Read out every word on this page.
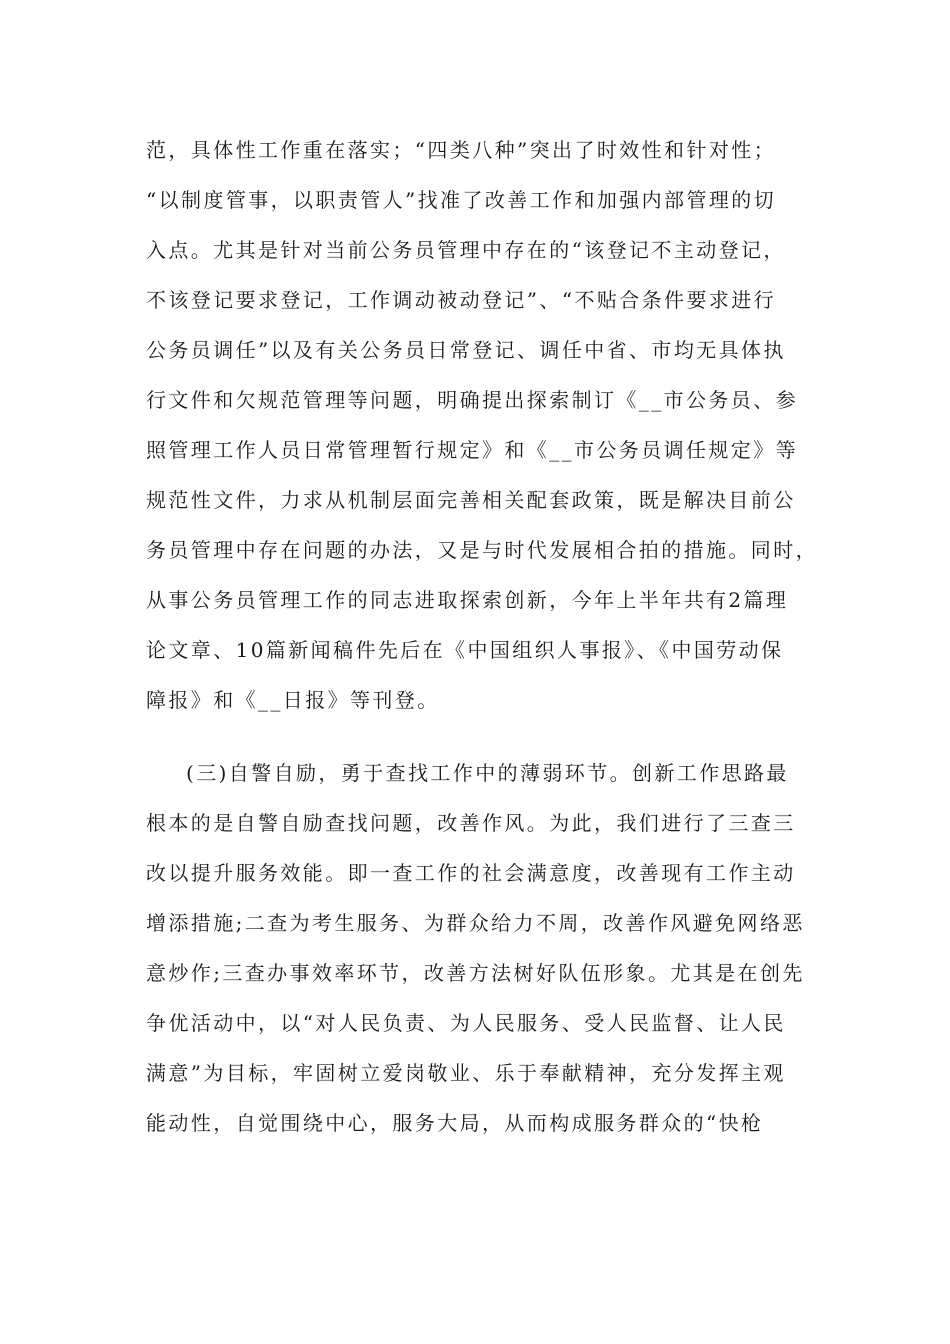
范，具体性工作重在落实；“四类八种”突出了时效性和针对性；
“以制度管事，以职责管人”找准了改善工作和加强内部管理的切
入点。尤其是针对当前公务员管理中存在的“该登记不主动登记，
不该登记要求登记，工作调动被动登记”、“不贴合条件要求进行
公务员调任”以及有关公务员日常登记、调任中省、市均无具体执
行文件和欠规范管理等问题，明确提出探索制订《__市公务员、参
照管理工作人员日常管理暂行规定》和《__市公务员调任规定》等
规范性文件，力求从机制层面完善相关配套政策，既是解决目前公
务员管理中存在问题的办法，又是与时代发展相合拍的措施。同时，
从事公务员管理工作的同志进取探索创新，今年上半年共有2篇理
论文章、10篇新闻稿件先后在《中国组织人事报》、《中国劳动保
障报》和《__日报》等刊登。
(三)自警自励，勇于查找工作中的薄弱环节。创新工作思路最
根本的是自警自励查找问题，改善作风。为此，我们进行了三查三
改以提升服务效能。即一查工作的社会满意度，改善现有工作主动
增添措施;二查为考生服务、为群众给力不周，改善作风避免网络恶
意炒作;三查办事效率环节，改善方法树好队伍形象。尤其是在创先
争优活动中，以“对人民负责、为人民服务、受人民监督、让人民
满意”为目标，牢固树立爱岗敬业、乐于奉献精神，充分发挥主观
能动性，自觉围绕中心，服务大局，从而构成服务群众的“快枪
